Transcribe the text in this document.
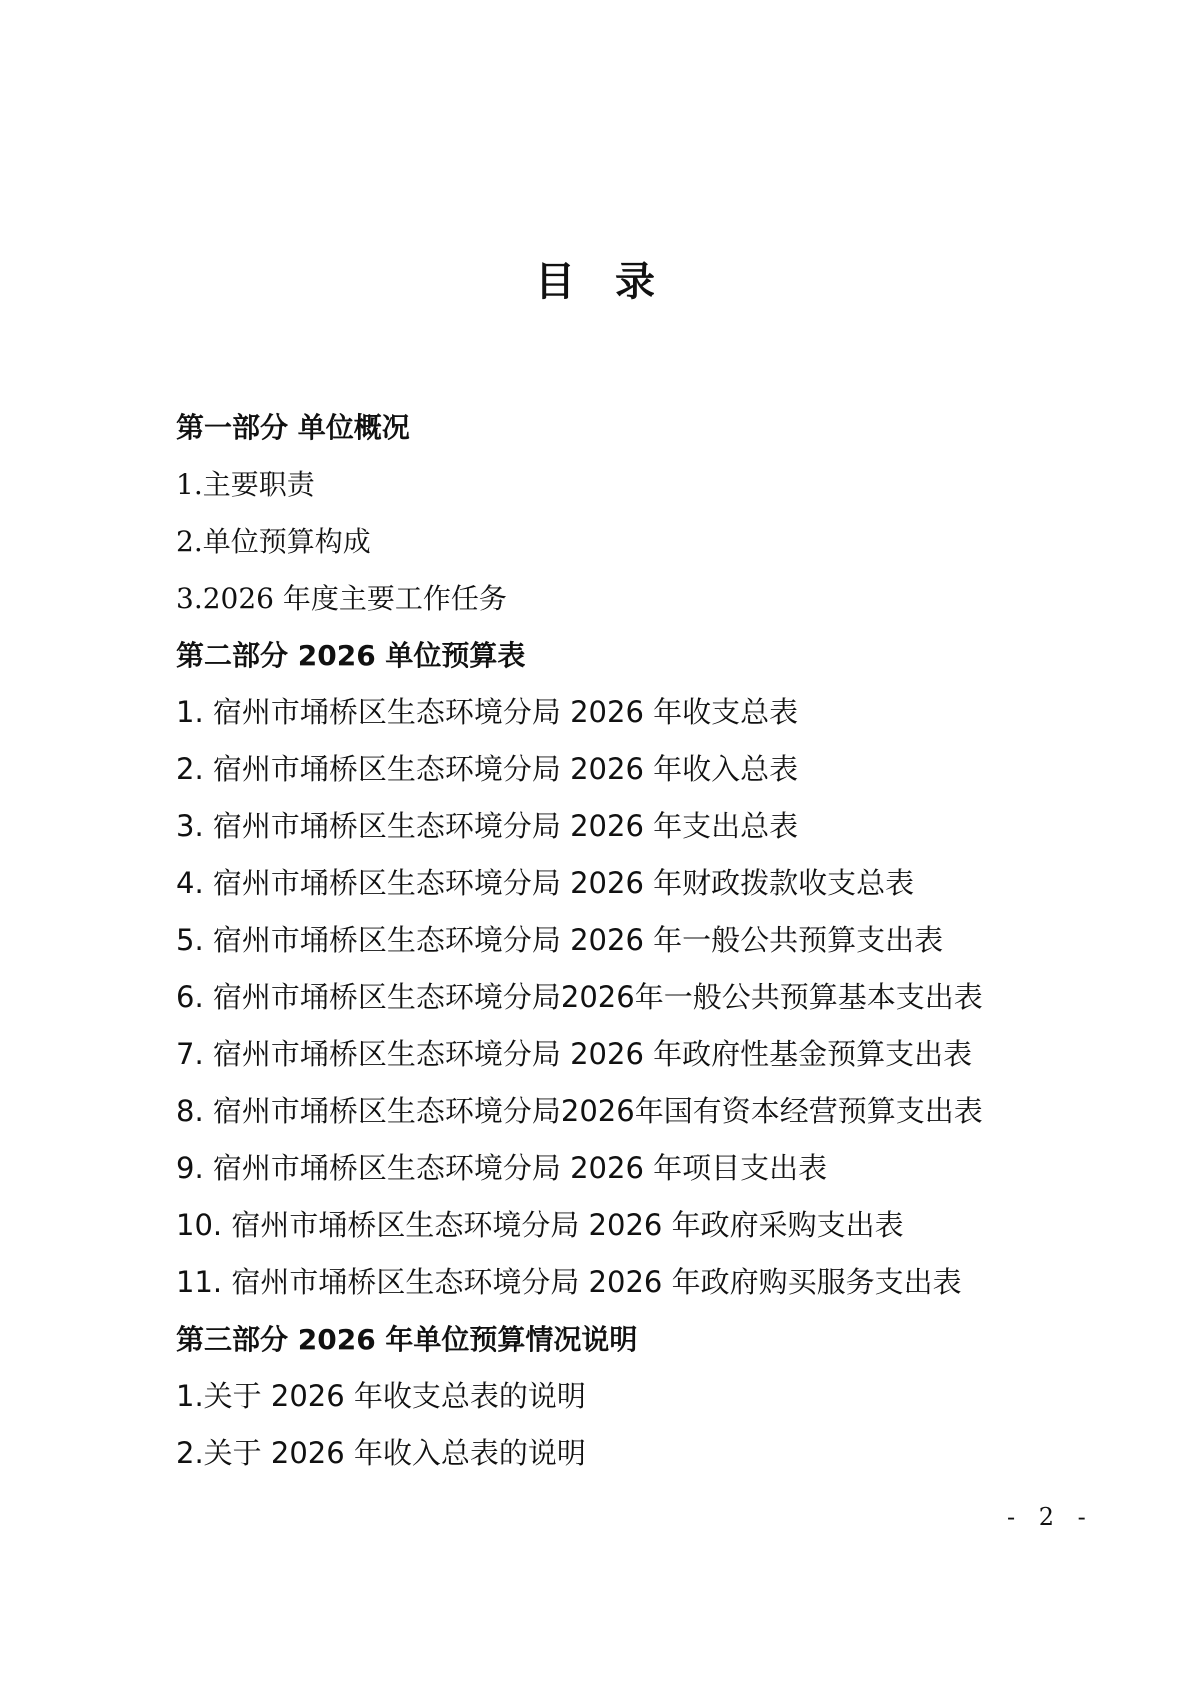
目录
第一部分 单位概况
1.主要职责
2.单位预算构成
3.2026 年度主要工作任务
第二部分 2026 单位预算表
1. 宿州市埇桥区生态环境分局 2026 年收支总表
2. 宿州市埇桥区生态环境分局 2026 年收入总表
3. 宿州市埇桥区生态环境分局 2026 年支出总表
4. 宿州市埇桥区生态环境分局 2026 年财政拨款收支总表
5. 宿州市埇桥区生态环境分局 2026 年一般公共预算支出表
6. 宿州市埇桥区生态环境分局2026年一般公共预算基本支出表
7. 宿州市埇桥区生态环境分局 2026 年政府性基金预算支出表
8. 宿州市埇桥区生态环境分局2026年国有资本经营预算支出表
9. 宿州市埇桥区生态环境分局 2026 年项目支出表
10. 宿州市埇桥区生态环境分局 2026 年政府采购支出表
11. 宿州市埇桥区生态环境分局 2026 年政府购买服务支出表
第三部分 2026 年单位预算情况说明
1.关于 2026 年收支总表的说明
2.关于 2026 年收入总表的说明
- 2 -
